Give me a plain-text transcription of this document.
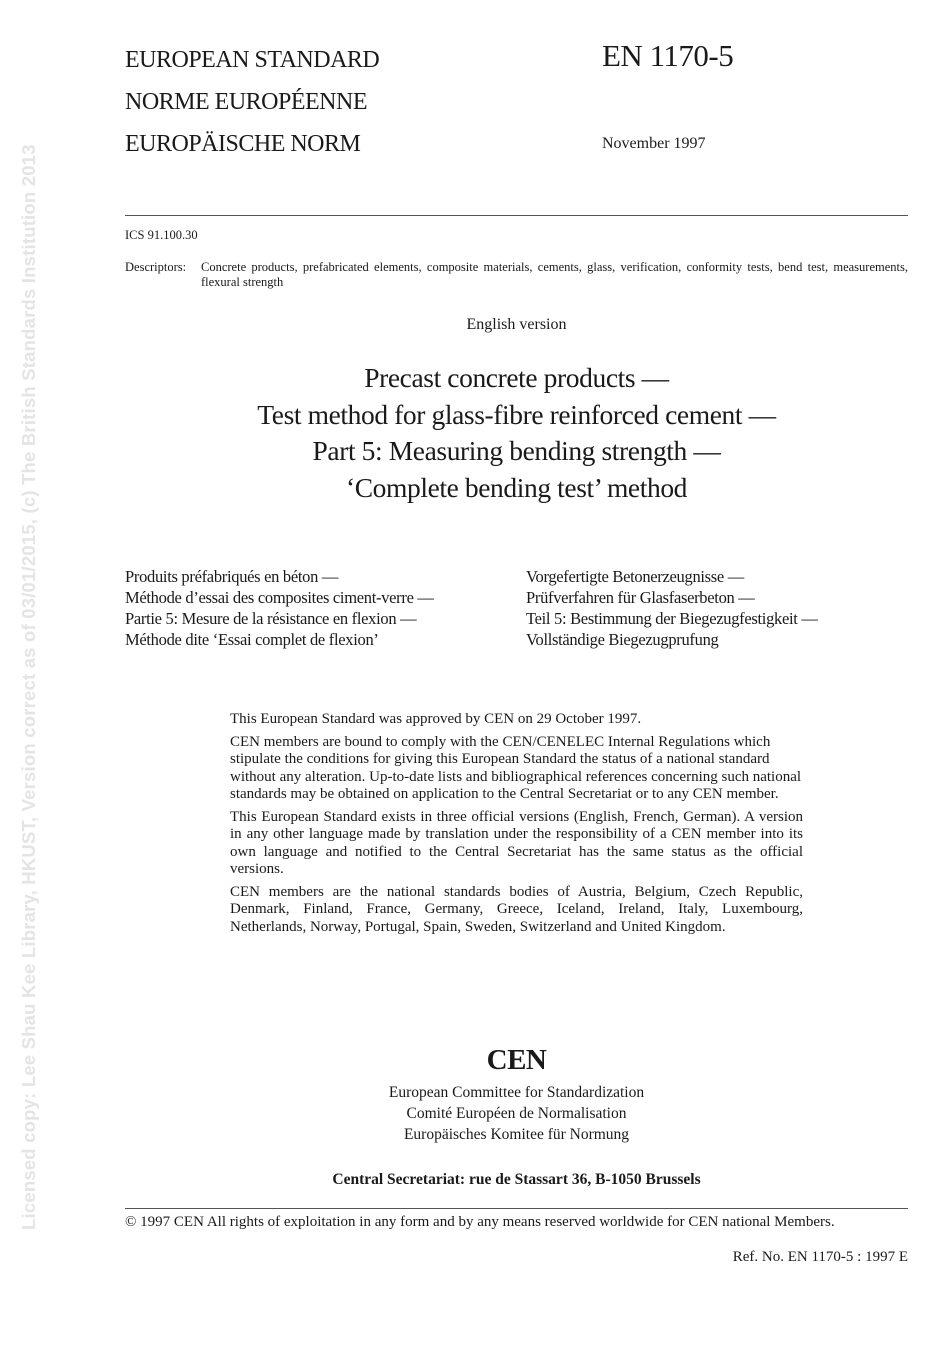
Licensed copy: Lee Shau Kee Library, HKUST, Version correct as of 03/01/2015, (c) The British Standards Institution 2013
EUROPEAN STANDARD
NORME EUROPÉENNE
EUROPÄISCHE NORM
EN 1170-5
November 1997
ICS 91.100.30
Descriptors: Concrete products, prefabricated elements, composite materials, cements, glass, verification, conformity tests, bend test, measurements, flexural strength
English version
Precast concrete products —
Test method for glass-fibre reinforced cement —
Part 5: Measuring bending strength —
‘Complete bending test’ method
Produits préfabriqués en béton —
Méthode d’essai des composites ciment-verre —
Partie 5: Mesure de la résistance en flexion —
Méthode dite ‘Essai complet de flexion’
Vorgefertigte Betonerzeugnisse —
Prüfverfahren für Glasfaserbeton —
Teil 5: Bestimmung der Biegezugfestigkeit —
Vollständige Biegezugprufung

This European Standard was approved by CEN on 29 October 1997.

CEN members are bound to comply with the CEN/CENELEC Internal Regulations which stipulate the conditions for giving this European Standard the status of a national standard without any alteration. Up-to-date lists and bibliographical references concerning such national standards may be obtained on application to the Central Secretariat or to any CEN member.

This European Standard exists in three official versions (English, French, German). A version in any other language made by translation under the responsibility of a CEN member into its own language and notified to the Central Secretariat has the same status as the official versions.

CEN members are the national standards bodies of Austria, Belgium, Czech Republic, Denmark, Finland, France, Germany, Greece, Iceland, Ireland, Italy, Luxembourg, Netherlands, Norway, Portugal, Spain, Sweden, Switzerland and United Kingdom.

CEN
European Committee for Standardization
Comité Européen de Normalisation
Europäisches Komitee für Normung
Central Secretariat: rue de Stassart 36, B-1050 Brussels
© 1997 CEN All rights of exploitation in any form and by any means reserved worldwide for CEN national Members.
Ref. No. EN 1170-5 : 1997 E
